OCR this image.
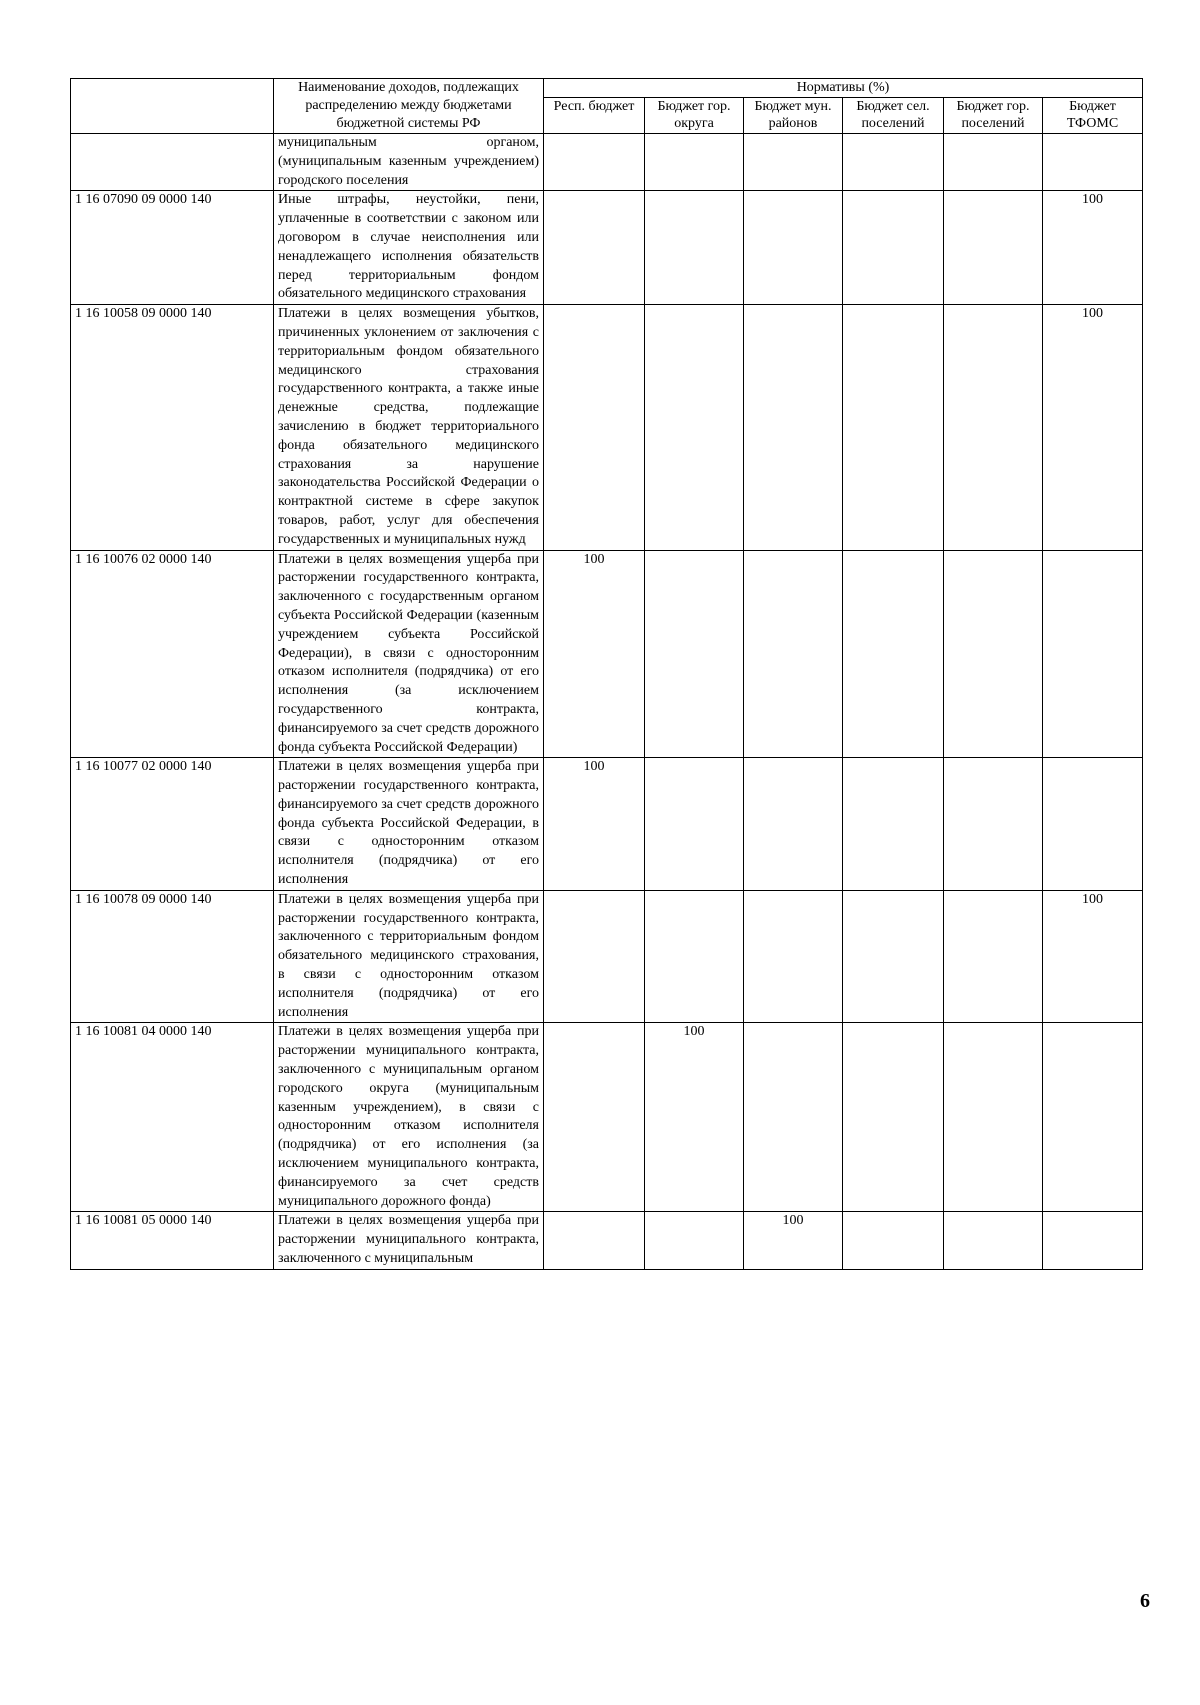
	Наименование доходов, подлежащих распределению между бюджетами бюджетной системы РФ	Нормативы (%)					
		Респ. бюджет	Бюджет гор. округа	Бюджет мун. районов	Бюджет сел. поселений	Бюджет гор. поселений	Бюджет ТФОМС
	муниципальным органом, (муниципальным казенным учреждением) городского поселения						
1 16 07090 09 0000 140	Иные штрафы, неустойки, пени, уплаченные в соответствии с законом или договором в случае неисполнения или ненадлежащего исполнения обязательств перед территориальным фондом обязательного медицинского страхования						100
1 16 10058 09 0000 140	Платежи в целях возмещения убытков, причиненных уклонением от заключения с территориальным фондом обязательного медицинского страхования государственного контракта, а также иные денежные средства, подлежащие зачислению в бюджет территориального фонда обязательного медицинского страхования за нарушение законодательства Российской Федерации о контрактной системе в сфере закупок товаров, работ, услуг для обеспечения государственных и муниципальных нужд						100
1 16 10076 02 0000 140	Платежи в целях возмещения ущерба при расторжении государственного контракта, заключенного с государственным органом субъекта Российской Федерации (казенным учреждением субъекта Российской Федерации), в связи с односторонним отказом исполнителя (подрядчика) от его исполнения (за исключением государственного контракта, финансируемого за счет средств дорожного фонда субъекта Российской Федерации)	100					
1 16 10077 02 0000 140	Платежи в целях возмещения ущерба при расторжении государственного контракта, финансируемого за счет средств дорожного фонда субъекта Российской Федерации, в связи с односторонним отказом исполнителя (подрядчика) от его исполнения	100					
1 16 10078 09 0000 140	Платежи в целях возмещения ущерба при расторжении государственного контракта, заключенного с территориальным фондом обязательного медицинского страхования, в связи с односторонним отказом исполнителя (подрядчика) от его исполнения						100
1 16 10081 04 0000 140	Платежи в целях возмещения ущерба при расторжении муниципального контракта, заключенного с муниципальным органом городского округа (муниципальным казенным учреждением), в связи с односторонним отказом исполнителя (подрядчика) от его исполнения (за исключением муниципального контракта, финансируемого за счет средств муниципального дорожного фонда)		100				
1 16 10081 05 0000 140	Платежи в целях возмещения ущерба при расторжении муниципального контракта, заключенного с муниципальным			100			
6
